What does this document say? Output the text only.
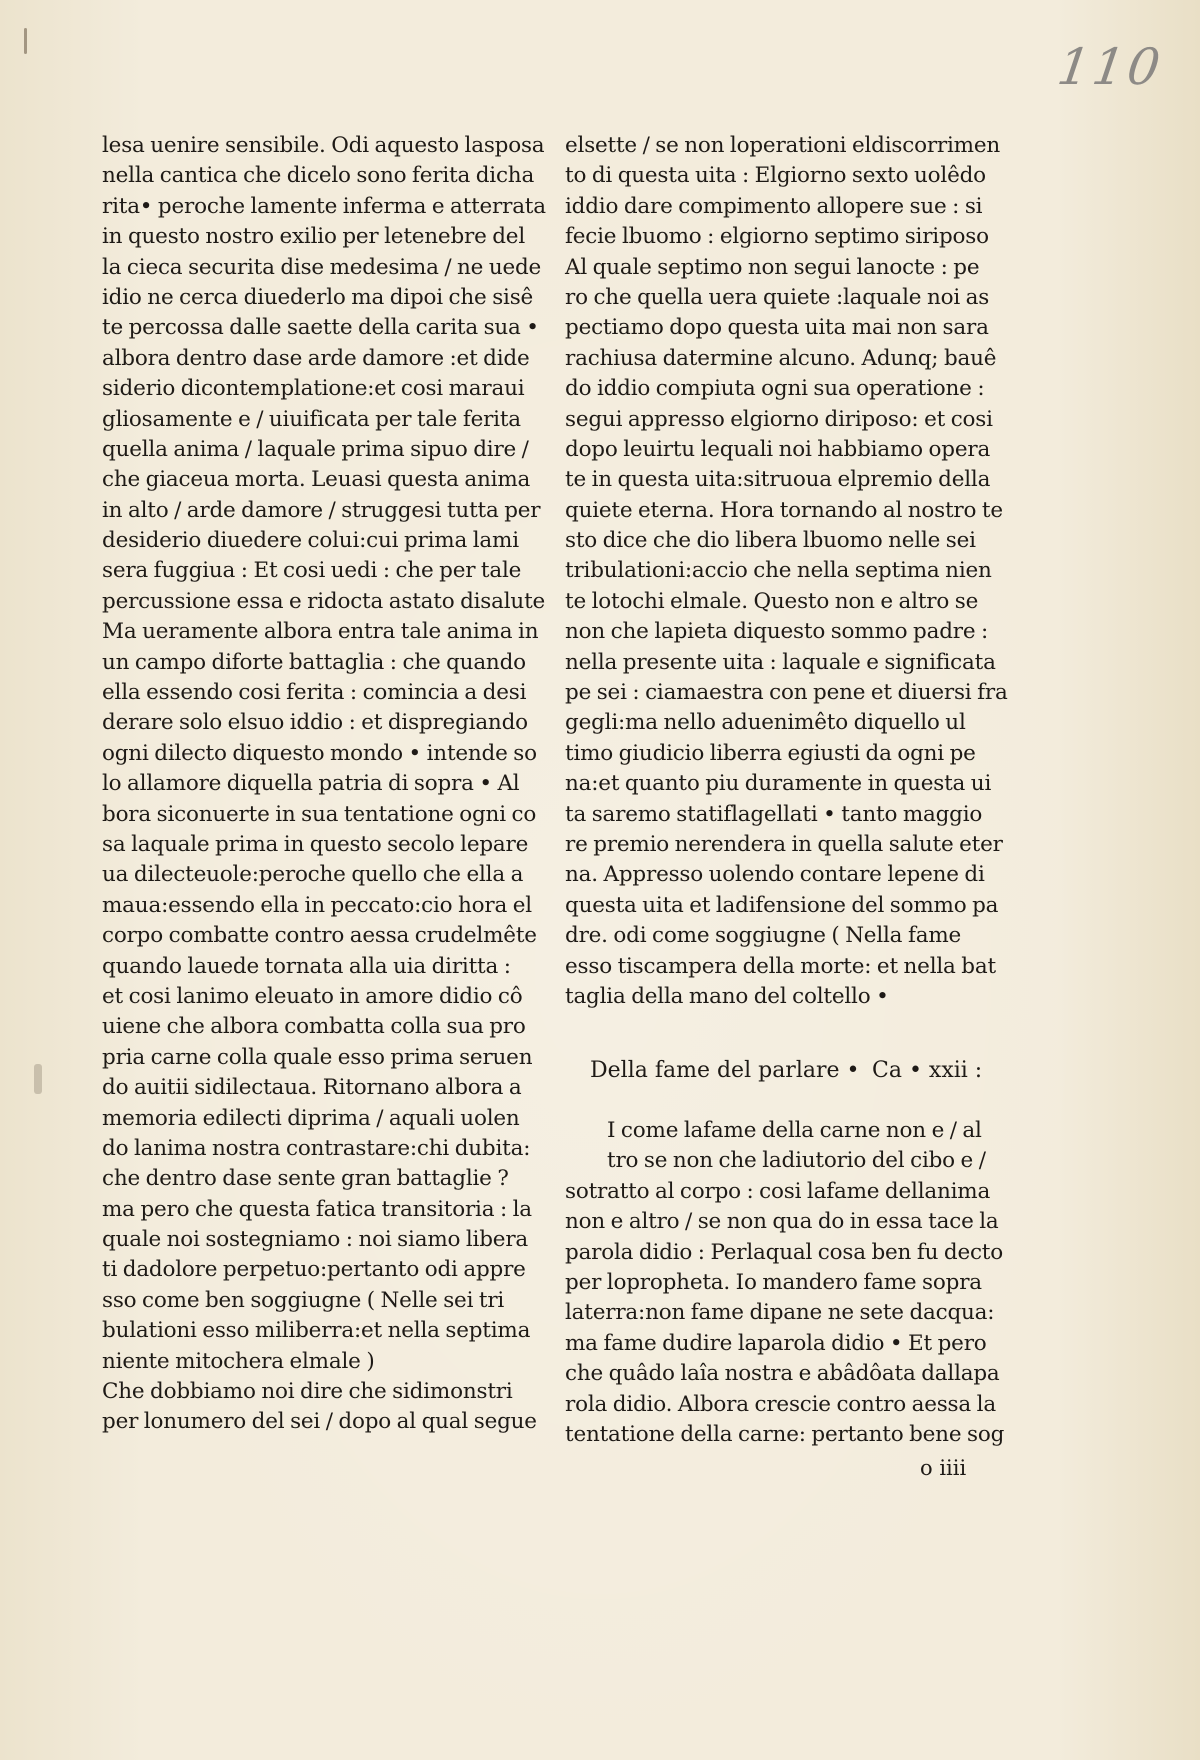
110
lesa uenire sensibile. Odi aquesto lasposa
nella cantica che dicelo sono ferita dicha
rita• peroche lamente inferma e atterrata
in questo nostro exilio per letenebre del
la cieca securita dise medesima / ne uede
idio ne cerca diuederlo ma dipoi che sisê
te percossa dalle saette della carita sua •
albora dentro dase arde damore :et dide
siderio dicontemplatione:et cosi maraui
gliosamente e / uiuificata per tale ferita
quella anima / laquale prima sipuo dire /
che giaceua morta. Leuasi questa anima
in alto / arde damore / struggesi tutta per
desiderio diuedere colui:cui prima lami
sera fuggiua : Et cosi uedi : che per tale
percussione essa e ridocta astato disalute
Ma ueramente albora entra tale anima in
un campo diforte battaglia : che quando
ella essendo cosi ferita : comincia a desi
derare solo elsuo iddio : et dispregiando
ogni dilecto diquesto mondo • intende so
lo allamore diquella patria di sopra • Al
bora siconuerte in sua tentatione ogni co
sa laquale prima in questo secolo lepare
ua dilecteuole:peroche quello che ella a
maua:essendo ella in peccato:cio hora el
corpo combatte contro aessa crudelmête
quando lauede tornata alla uia diritta :
et cosi lanimo eleuato in amore didio cô
uiene che albora combatta colla sua pro
pria carne colla quale esso prima seruen
do auitii sidilectaua. Ritornano albora a
memoria edilecti diprima / aquali uolen
do lanima nostra contrastare:chi dubita:
che dentro dase sente gran battaglie ?
ma pero che questa fatica transitoria : la
quale noi sostegniamo : noi siamo libera
ti dadolore perpetuo:pertanto odi appre
sso come ben soggiugne ( Nelle sei tri
bulationi esso miliberra:et nella septima
niente mitochera elmale )
Che dobbiamo noi dire che sidimonstri
per lonumero del sei / dopo al qual segue
elsette / se non loperationi eldiscorrimen
to di questa uita : Elgiorno sexto uolêdo
iddio dare compimento allopere sue : si
fecie lbuomo : elgiorno septimo siriposo
Al quale septimo non segui lanocte : pe
ro che quella uera quiete :laquale noi as
pectiamo dopo questa uita mai non sara
rachiusa datermine alcuno. Adunq; bauê
do iddio compiuta ogni sua operatione :
segui appresso elgiorno diriposo: et cosi
dopo leuirtu lequali noi habbiamo opera
te in questa uita:sitruoua elpremio della
quiete eterna. Hora tornando al nostro te
sto dice che dio libera lbuomo nelle sei
tribulationi:accio che nella septima nien
te lotochi elmale. Questo non e altro se
non che lapieta diquesto sommo padre :
nella presente uita : laquale e significata
pe sei : ciamaestra con pene et diuersi fra
gegli:ma nello aduenimêto diquello ul
timo giudicio liberra egiusti da ogni pe
na:et quanto piu duramente in questa ui
ta saremo statiflagellati • tanto maggio
re premio nerendera in quella salute eter
na. Appresso uolendo contare lepene di
questa uita et ladifensione del sommo pa
dre. odi come soggiugne ( Nella fame
esso tiscampera della morte: et nella bat
taglia della mano del coltello •
Della fame del parlare • Ca • xxii :
I come lafame della carne non e / al
tro se non che ladiutorio del cibo e /
sotratto al corpo : cosi lafame dellanima
non e altro / se non qua do in essa tace la
parola didio : Perlaqual cosa ben fu decto
per lopropheta. Io mandero fame sopra
laterra:non fame dipane ne sete dacqua:
ma fame dudire laparola didio • Et pero
che quâdo laîa nostra e abâdôata dallapa
rola didio. Albora crescie contro aessa la
tentatione della carne: pertanto bene sog
o iiii
